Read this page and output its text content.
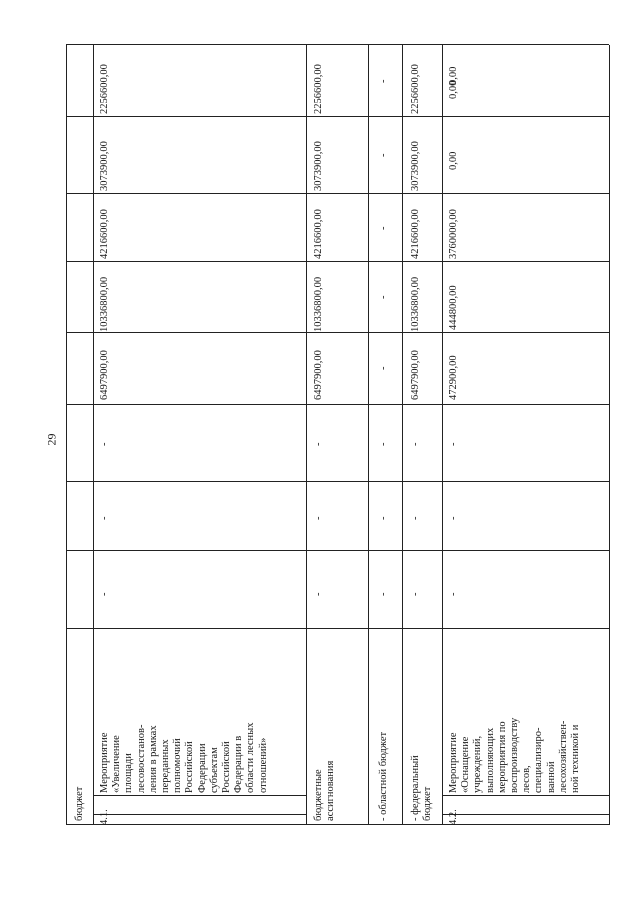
29
бюджет 4.1.
Мероприятие
«Увеличение
площади
лесовосстанов-
ления в рамках
переданных
полномочий
Российской
Федерации
субъектам
Российской
Федерации в
области лесных
отношений»
-
-
-
6497900,00
10336800,00
4216600,00
3073900,00
2256600,00
бюджетные
ассигнования
-
-
-
6497900,00
10336800,00
4216600,00
3073900,00
2256600,00
- областной бюджет
-
-
-
-
-
-
-
-
- федеральный
бюджет
-
-
-
6497900,00
10336800,00
4216600,00
3073900,00
2256600,00
4.2.
Мероприятие
«Оснащение
учреждений,
выполняющих
мероприятия по
воспроизводству
лесов,
специализиро-
ванной
лесохозяйствен-
ной техникой и
-
-
-
472900,00
444800,00
3760000,00
0,00
0,00
0,00
